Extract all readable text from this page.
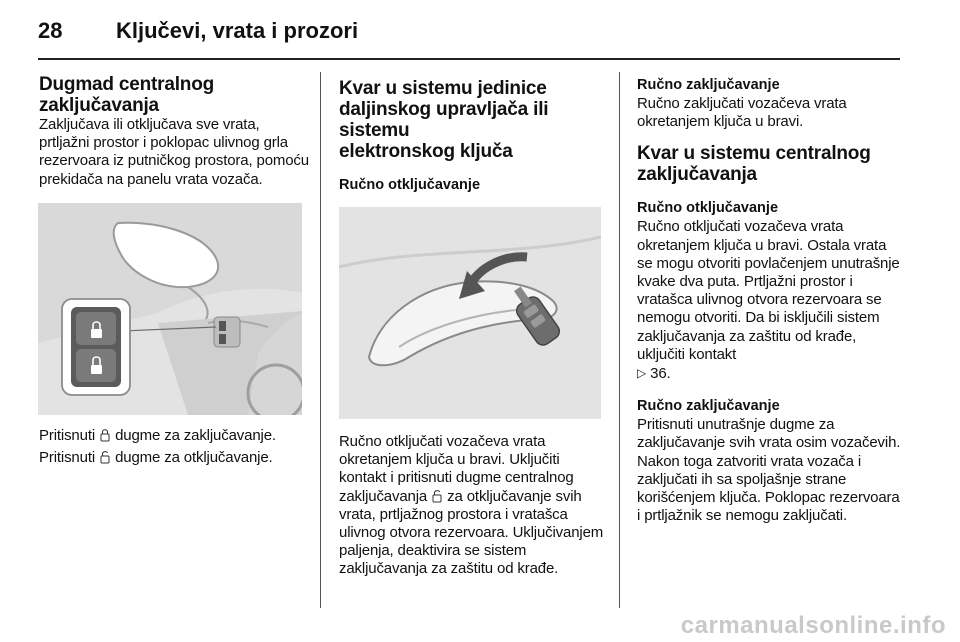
28 Ključevi, vrata i prozori
Dugmad centralnog
zaključavanja

Zaključava ili otključava sve vrata, prtljažni prostor i poklopac ulivnog grla rezervoara iz putničkog prostora, pomoću prekidača na panelu vrata vozača.

Pritisnuti dugme za zaključavanje.

Pritisnuti dugme za otključavanje.

Kvar u sistemu jedinice
daljinskog upravljača ili sistemu
elektronskog ključa
Ručno otključavanje

Ručno otključati vozačeva vrata okretanjem ključa u bravi. Uključiti kontakt i pritisnuti dugme centralnog zaključavanja za otključavanje svih vrata, prtljažnog prostora i vratašca ulivnog otvora rezervoara. Uključivanjem paljenja, deaktivira se sistem zaključavanja za zaštitu od krađe.

Ručno zaključavanje

Ručno zaključati vozačeva vrata okretanjem ključa u bravi.

Kvar u sistemu centralnog
zaključavanja
Ručno otključavanje

Ručno otključati vozačeva vrata okretanjem ključa u bravi. Ostala vrata se mogu otvoriti povlačenjem unutrašnje kvake dva puta. Prtljažni prostor i vratašca ulivnog otvora rezervoara se nemogu otvoriti. Da bi isključili sistem zaključavanja za zaštitu od krađe, uključiti kontakt
▷ 36.

Ručno zaključavanje

Pritisnuti unutrašnje dugme za zaključavanje svih vrata osim vozačevih. Nakon toga zatvoriti vrata vozača i zaključati ih sa spoljašnje strane korišćenjem ključa. Poklopac rezervoara i prtljažnik se nemogu zaključati.

carmanualsonline.info
